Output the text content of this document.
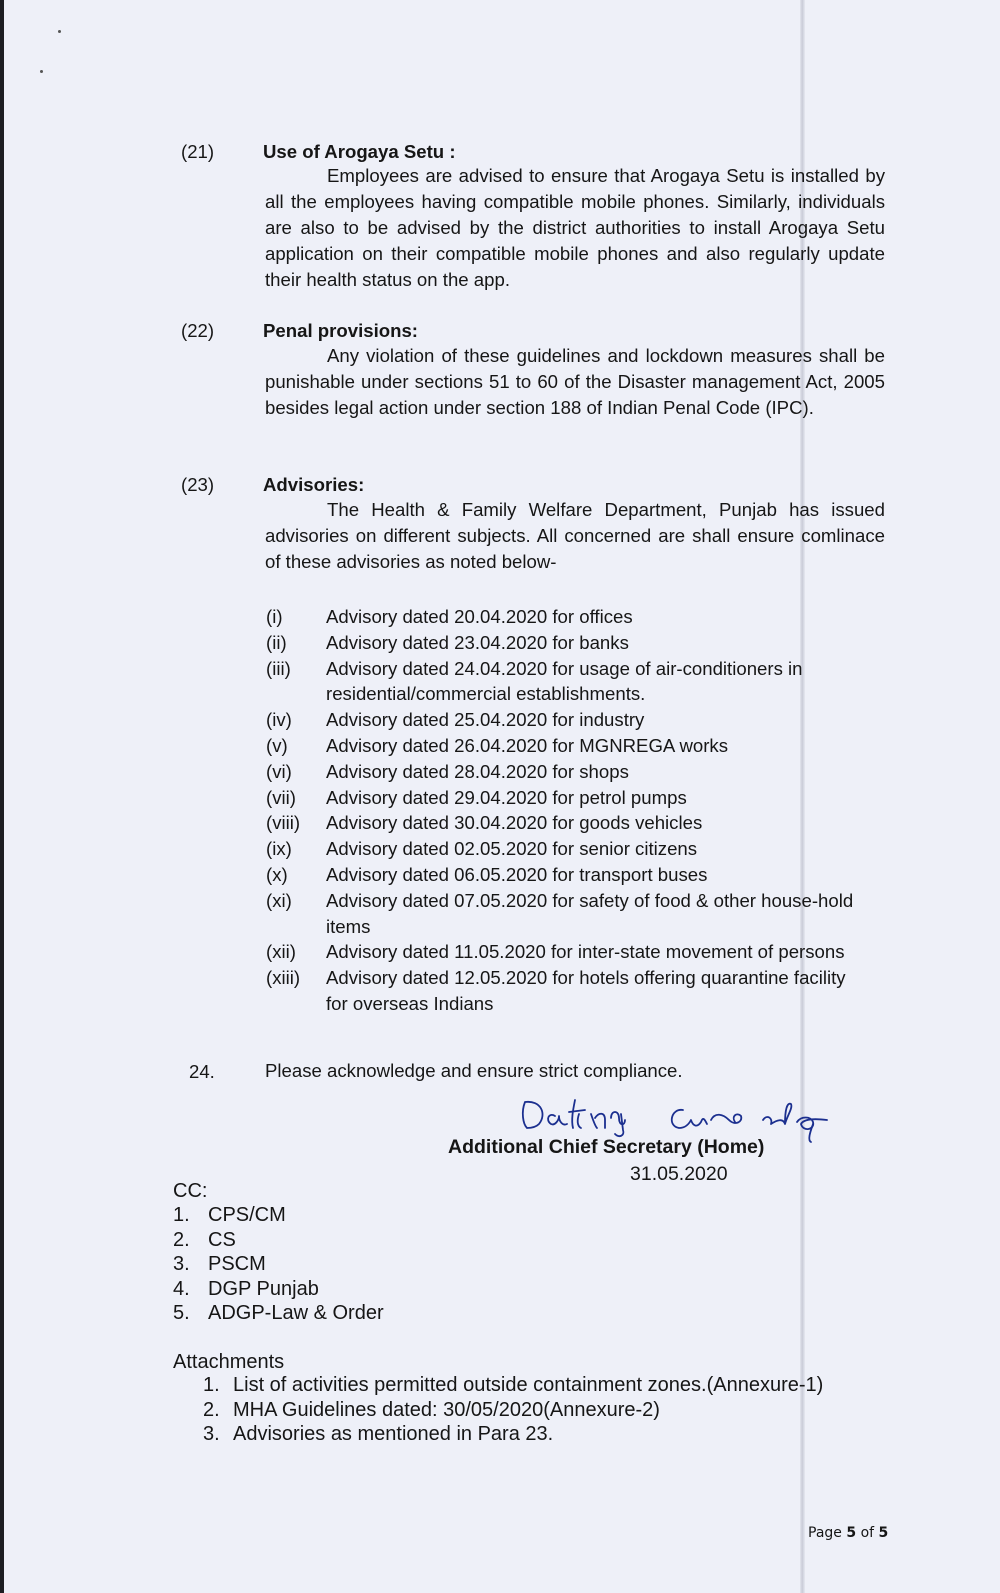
(21)	Use of Arogaya Setu :
Employees are advised to ensure that Arogaya Setu is installed by all the employees having compatible mobile phones. Similarly, individuals are also to be advised by the district authorities to install Arogaya Setu application on their compatible mobile phones and also regularly update their health status on the app.
(22)	Penal provisions:
Any violation of these guidelines and lockdown measures shall be punishable under sections 51 to 60 of the Disaster management Act, 2005 besides legal action under section 188 of Indian Penal Code (IPC).
(23)	Advisories:
The Health & Family Welfare Department, Punjab has issued advisories on different subjects. All concerned are shall ensure comlinace of these advisories as noted below-
(i)	Advisory dated 20.04.2020 for offices
(ii)	Advisory dated 23.04.2020 for banks
(iii)	Advisory dated 24.04.2020 for usage of air-conditioners in residential/commercial establishments.
(iv)	Advisory dated 25.04.2020 for industry
(v)	Advisory dated 26.04.2020 for MGNREGA works
(vi)	Advisory dated 28.04.2020 for shops
(vii)	Advisory dated 29.04.2020 for petrol pumps
(viii)	Advisory dated 30.04.2020 for goods vehicles
(ix)	Advisory dated 02.05.2020 for senior citizens
(x)	Advisory dated 06.05.2020 for transport buses
(xi)	Advisory dated 07.05.2020 for safety of food & other house-hold items
(xii)	Advisory dated 11.05.2020 for inter-state movement of persons
(xiii)	Advisory dated 12.05.2020 for hotels offering quarantine facility for overseas Indians
24.	Please acknowledge and ensure strict compliance.
Additional Chief Secretary (Home)
31.05.2020
CC:
1. CPS/CM
2. CS
3. PSCM
4. DGP Punjab
5. ADGP-Law & Order
Attachments
1. List of activities permitted outside containment zones.(Annexure-1)
2. MHA Guidelines dated: 30/05/2020(Annexure-2)
3. Advisories as mentioned in Para 23.
Page 5 of 5
